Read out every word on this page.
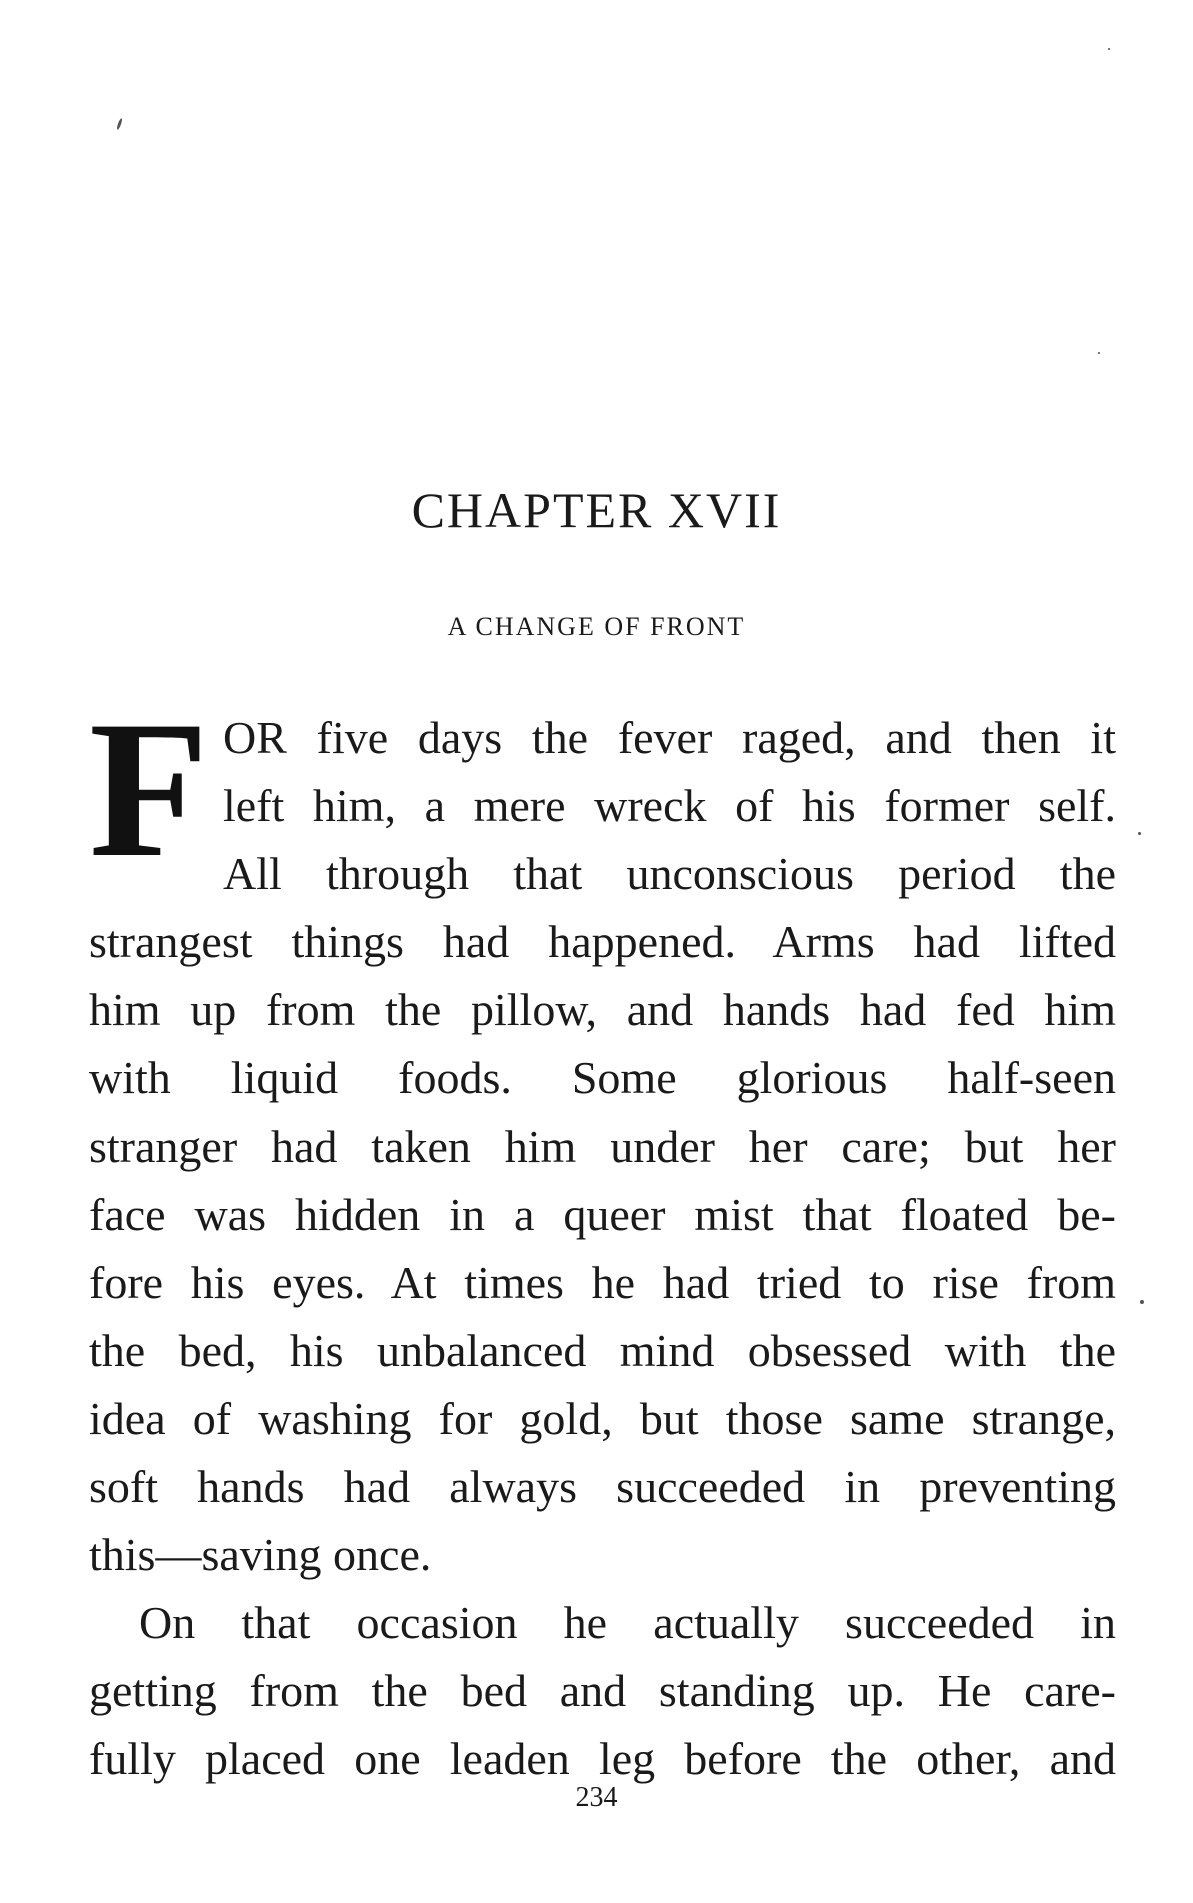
CHAPTER XVII
A CHANGE OF FRONT
F OR five days the fever raged, and then it
left him, a mere wreck of his former self.
All through that unconscious period the
strangest things had happened. Arms had lifted
him up from the pillow, and hands had fed him
with liquid foods. Some glorious half-seen
stranger had taken him under her care; but her
face was hidden in a queer mist that floated be-
fore his eyes. At times he had tried to rise from
the bed, his unbalanced mind obsessed with the
idea of washing for gold, but those same strange,
soft hands had always succeeded in preventing
this—saving once.
On that occasion he actually succeeded in
getting from the bed and standing up. He care-
fully placed one leaden leg before the other, and
234
